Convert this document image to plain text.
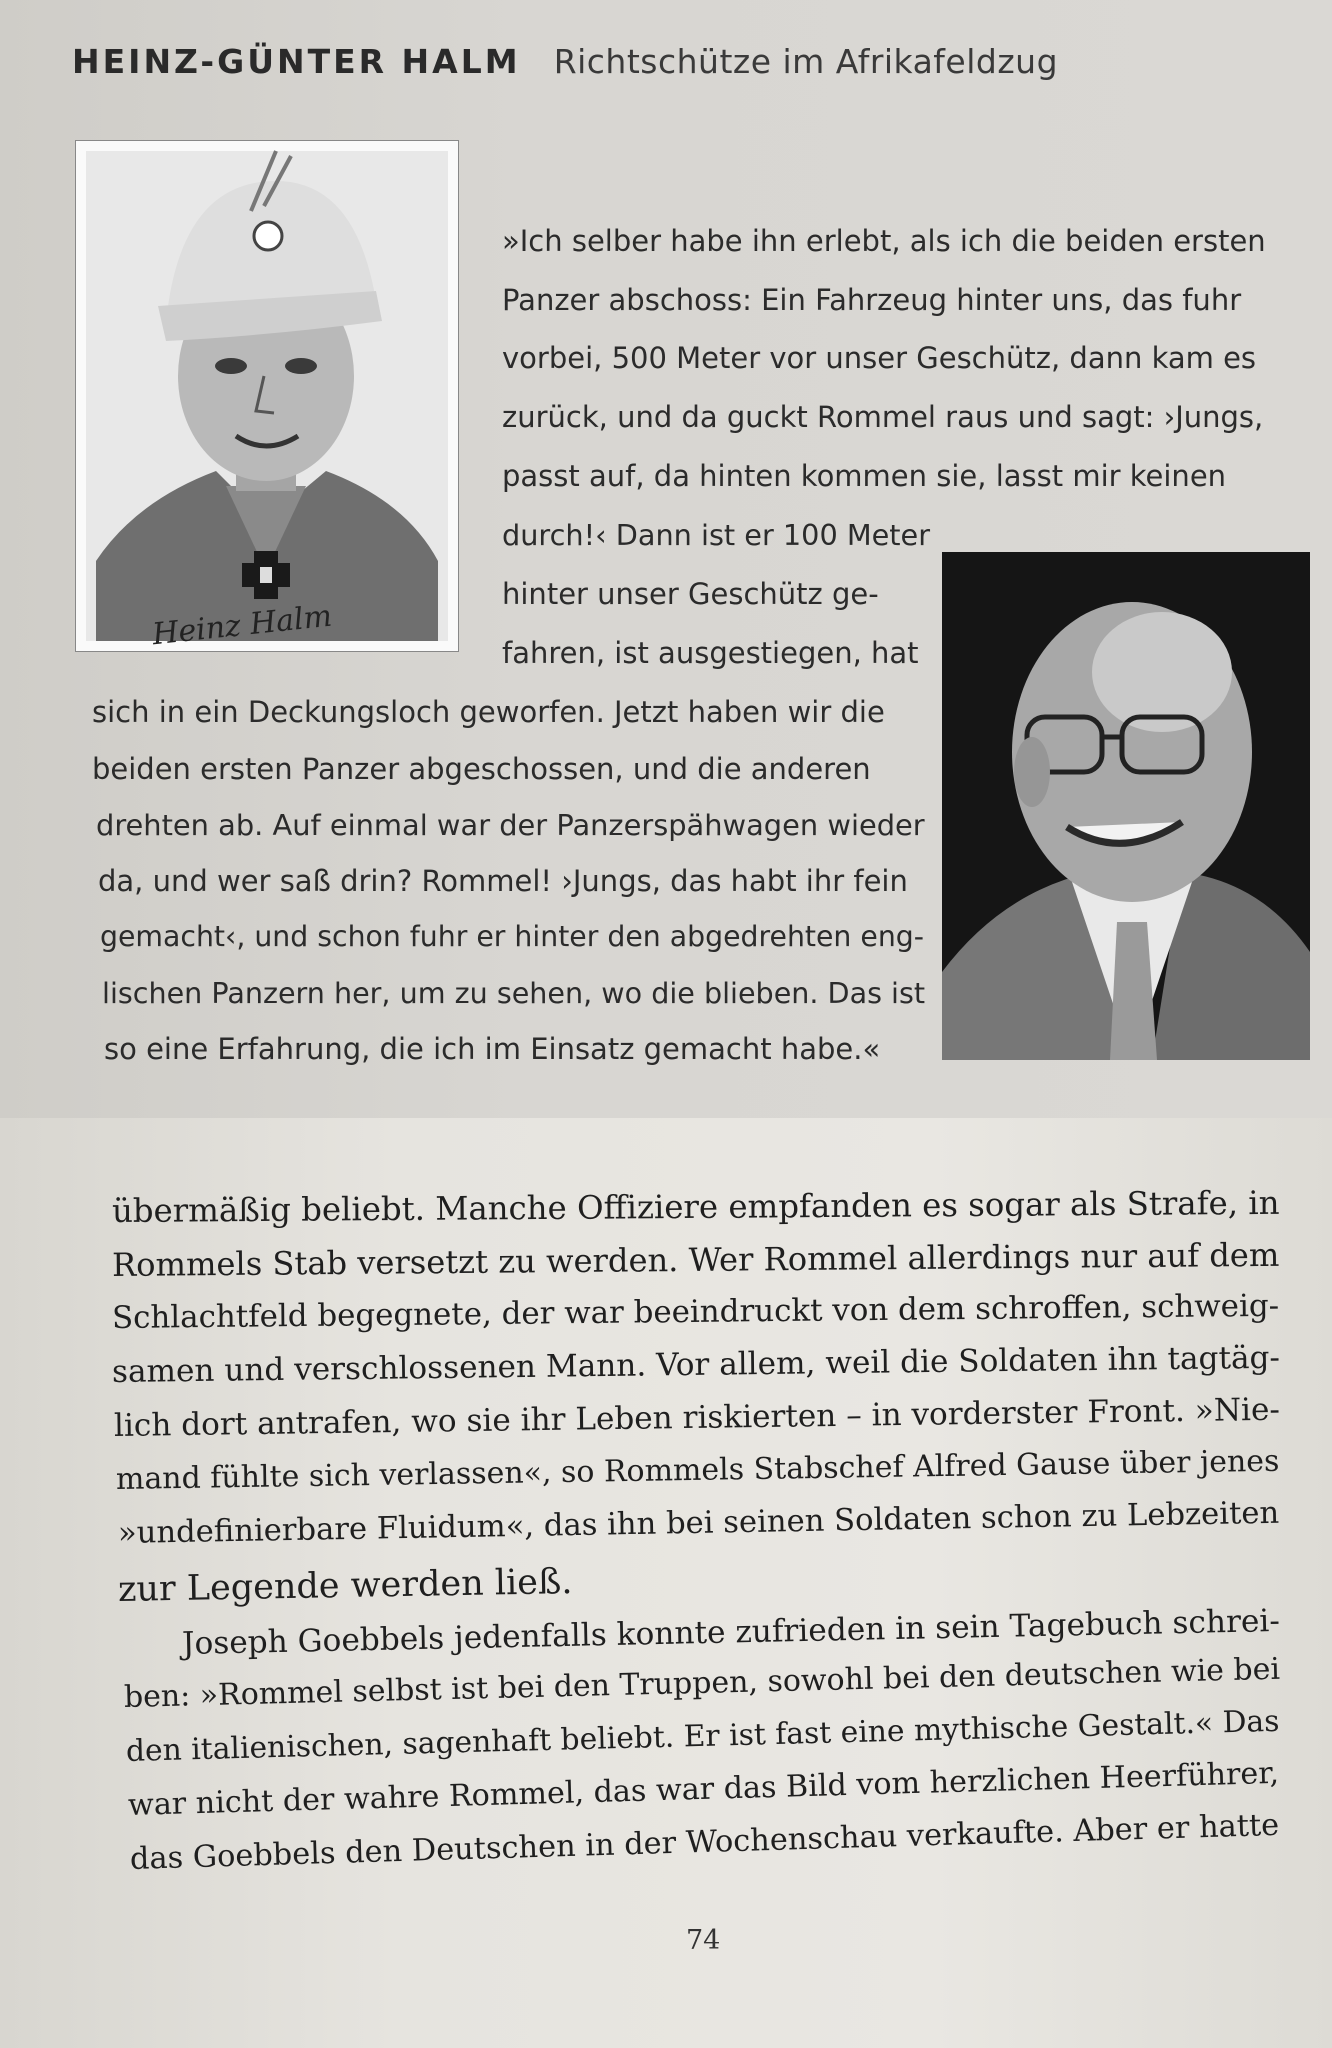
HEINZ-GÜNTER HALM Richtschütze im Afrikafeldzug
Heinz Halm
»Ich selber habe ihn erlebt, als ich die beiden ersten
Panzer abschoss: Ein Fahrzeug hinter uns, das fuhr
vorbei, 500 Meter vor unser Geschütz, dann kam es
zurück, und da guckt Rommel raus und sagt: ›Jungs,
passt auf, da hinten kommen sie, lasst mir keinen
durch!‹ Dann ist er 100 Meter
hinter unser Geschütz ge-
fahren, ist ausgestiegen, hat
sich in ein Deckungsloch geworfen. Jetzt haben wir die
beiden ersten Panzer abgeschossen, und die anderen
drehten ab. Auf einmal war der Panzerspähwagen wieder
da, und wer saß drin? Rommel! ›Jungs, das habt ihr fein
gemacht‹, und schon fuhr er hinter den abgedrehten eng-
lischen Panzern her, um zu sehen, wo die blieben. Das ist
so eine Erfahrung, die ich im Einsatz gemacht habe.«
übermäßig beliebt. Manche Offiziere empfanden es sogar als Strafe, in
Rommels Stab versetzt zu werden. Wer Rommel allerdings nur auf dem
Schlachtfeld begegnete, der war beeindruckt von dem schroffen, schweig-
samen und verschlossenen Mann. Vor allem, weil die Soldaten ihn tagtäg-
lich dort antrafen, wo sie ihr Leben riskierten – in vorderster Front. »Nie-
mand fühlte sich verlassen«, so Rommels Stabschef Alfred Gause über jenes
»undefinierbare Fluidum«, das ihn bei seinen Soldaten schon zu Lebzeiten
zur Legende werden ließ.
Joseph Goebbels jedenfalls konnte zufrieden in sein Tagebuch schrei-
ben: »Rommel selbst ist bei den Truppen, sowohl bei den deutschen wie bei
den italienischen, sagenhaft beliebt. Er ist fast eine mythische Gestalt.« Das
war nicht der wahre Rommel, das war das Bild vom herzlichen Heerführer,
das Goebbels den Deutschen in der Wochenschau verkaufte. Aber er hatte
74
